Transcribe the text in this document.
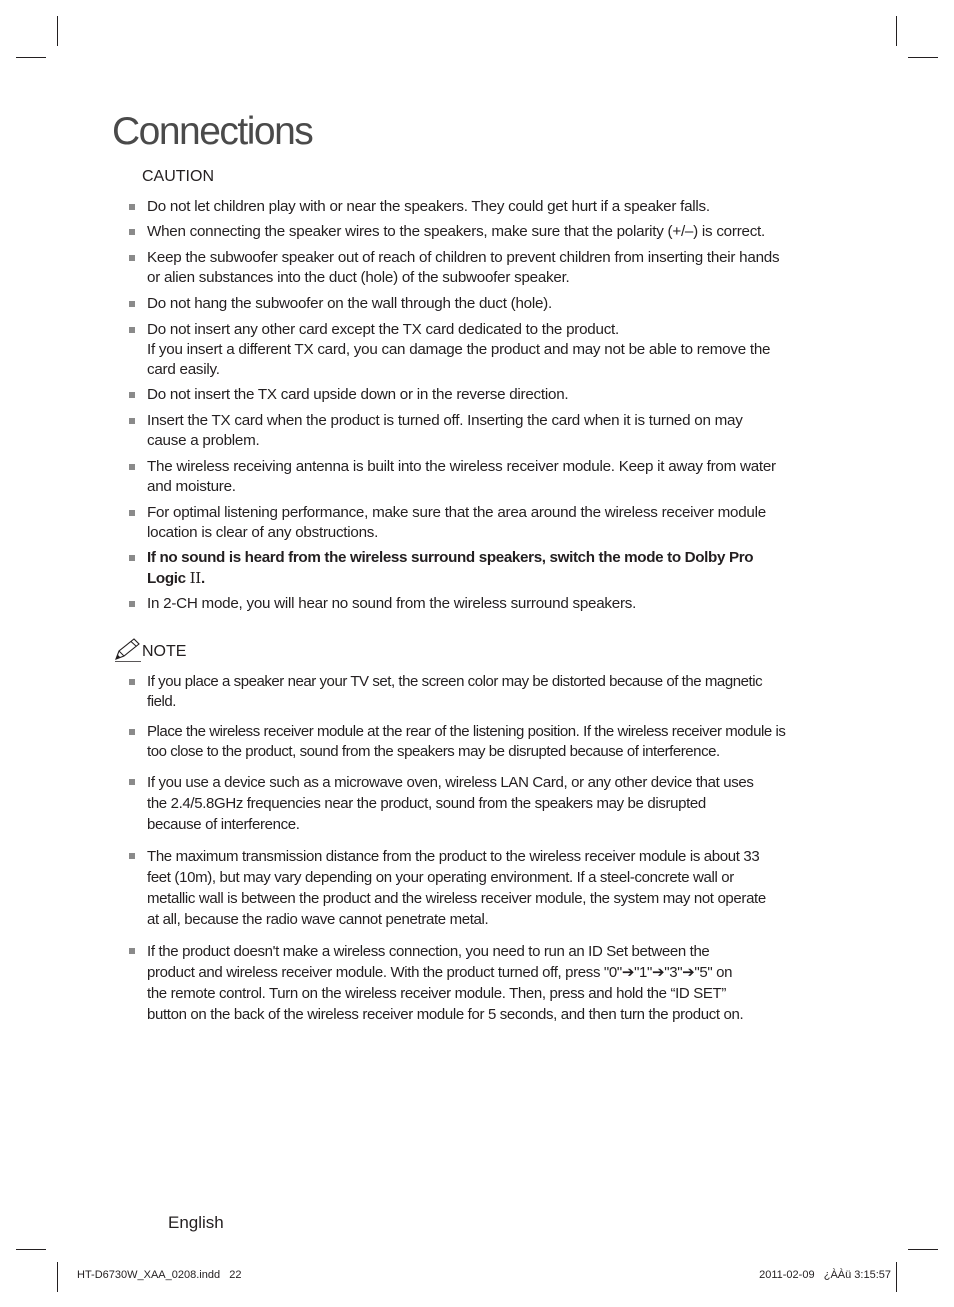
Connections
CAUTION
Do not let children play with or near the speakers. They could get hurt if a speaker falls.
When connecting the speaker wires to the speakers, make sure that the polarity (+/–) is correct.
Keep the subwoofer speaker out of reach of children to prevent children from inserting their hands
or alien substances into the duct (hole) of the subwoofer speaker.
Do not hang the subwoofer on the wall through the duct (hole).
Do not insert any other card except the TX card dedicated to the product.
If you insert a different TX card, you can damage the product and may not be able to remove the
card easily.
Do not insert the TX card upside down or in the reverse direction.
Insert the TX card when the product is turned off. Inserting the card when it is turned on may
cause a problem.
The wireless receiving antenna is built into the wireless receiver module. Keep it away from water
and moisture.
For optimal listening performance, make sure that the area around the wireless receiver module
location is clear of any obstructions.
If no sound is heard from the wireless surround speakers, switch the mode to Dolby Pro
Logic II.
In 2-CH mode, you will hear no sound from the wireless surround speakers.
NOTE
If you place a speaker near your TV set, the screen color may be distorted because of the magnetic
field.
Place the wireless receiver module at the rear of the listening position. If the wireless receiver module is
too close to the product, sound from the speakers may be disrupted because of interference.
If you use a device such as a microwave oven, wireless LAN Card, or any other device that uses
the 2.4/5.8GHz frequencies near the product, sound from the speakers may be disrupted
because of interference.
The maximum transmission distance from the product to the wireless receiver module is about 33
feet (10m), but may vary depending on your operating environment. If a steel-concrete wall or
metallic wall is between the product and the wireless receiver module, the system may not operate
at all, because the radio wave cannot penetrate metal.
If the product doesn't make a wireless connection, you need to run an ID Set between the
product and wireless receiver module. With the product turned off, press "0"➔"1"➔"3"➔"5" on
the remote control. Turn on the wireless receiver module. Then, press and hold the “ID SET”
button on the back of the wireless receiver module for 5 seconds, and then turn the product on.
English
HT-D6730W_XAA_0208.indd   22	2011-02-09   ¿ÀÀü 3:15:57
